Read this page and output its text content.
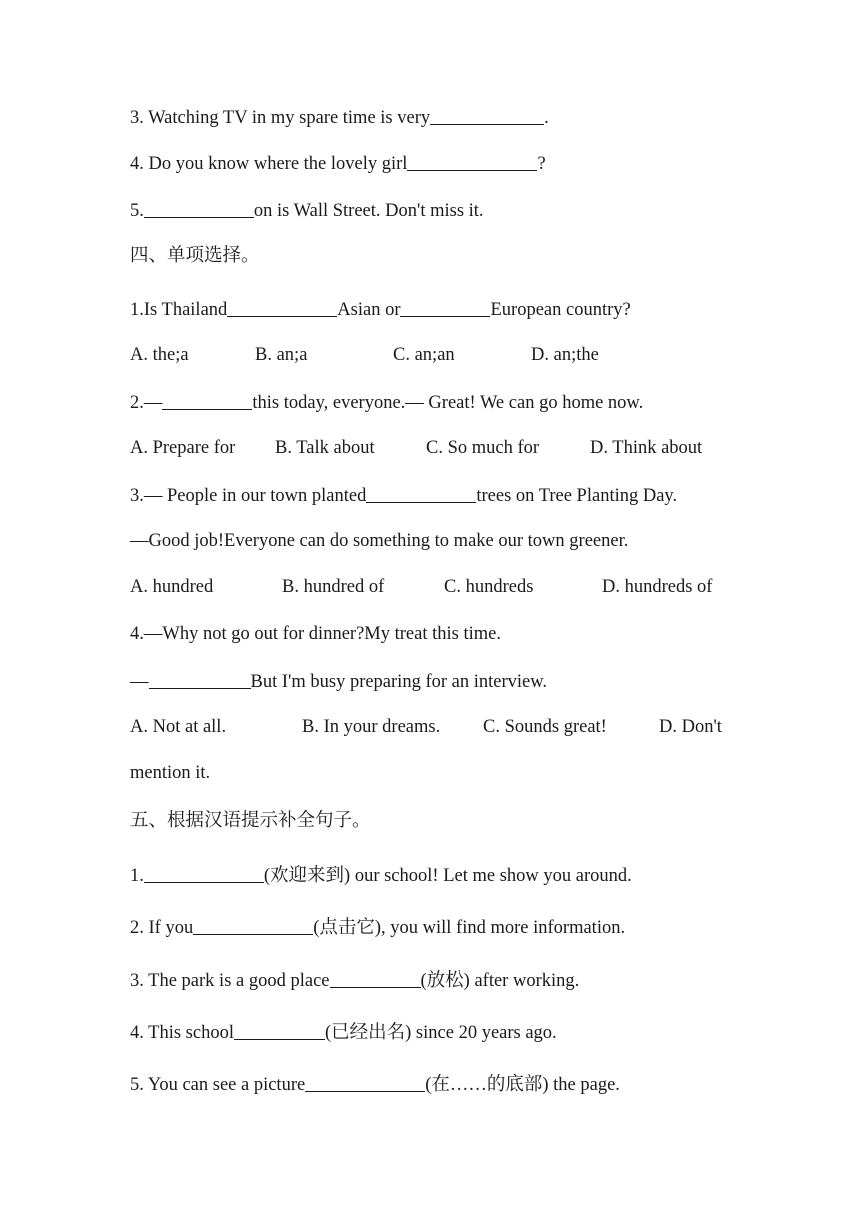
3. Watching TV in my spare time is very	.
4. Do you know where the lovely girl	?
5.	on is Wall Street. Don't miss it.
四、单项选择。
1.Is Thailand	Asian or	European country?
A. the;a	B. an;a	C. an;an	D. an;the
2.—	this today, everyone.— Great! We can go home now.
A. Prepare for B. Talk about	C. So much for	D. Think about
3.— People in our town planted	trees on Tree Planting Day.
—Good job!Everyone can do something to make our town greener.
A. hundred	B. hundred of	C. hundreds	D. hundreds of
4.—Why not go out for dinner?My treat this time.
—	But I'm busy preparing for an interview.
A. Not at all.	B. In your dreams. C. Sounds great!	D. Don't
mention it.
五、根据汉语提示补全句子。
1.	(欢迎来到) our school! Let me show you around.
2. If you	(点击它), you will find more information.
3. The park is a good place	(放松) after working.
4. This school	(已经出名) since 20 years ago.
5. You can see a picture	(在……的底部) the page.
